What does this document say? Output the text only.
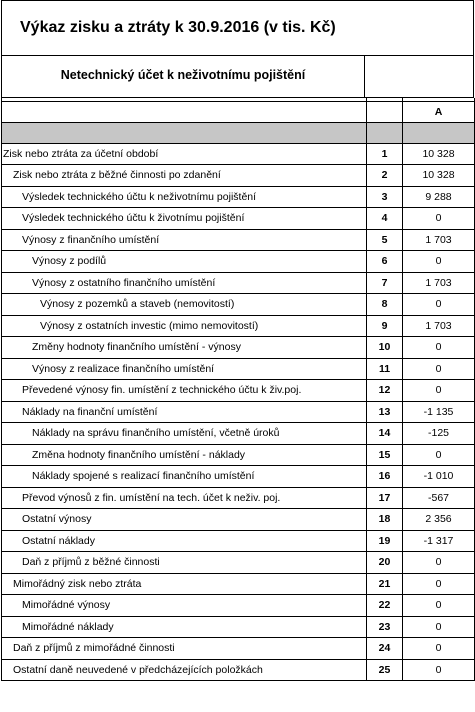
Výkaz zisku a ztráty k 30.9.2016 (v tis. Kč)
Netechnický účet k neživotnímu pojištění

		A

Zisk nebo ztráta za účetní období	1	10 328
Zisk nebo ztráta z běžné činnosti po zdanění	2	10 328
Výsledek technického účtu k neživotnímu pojištění	3	9 288
Výsledek technického účtu k životnímu pojištění	4	0
Výnosy z finančního umístění	5	1 703
Výnosy z podílů	6	0
Výnosy z ostatního finančního umístění	7	1 703
Výnosy z pozemků a staveb (nemovitostí)	8	0
Výnosy z ostatních investic (mimo nemovitostí)	9	1 703
Změny hodnoty finančního umístění - výnosy	10	0
Výnosy z realizace finančního umístění	11	0
Převedené výnosy fin. umístění z technického účtu k živ.poj.	12	0
Náklady na finanční umístění	13	-1 135
Náklady na správu finančního umístění, včetně úroků	14	-125
Změna hodnoty finančního umístění - náklady	15	0
Náklady spojené s realizací finančního umístění	16	-1 010
Převod výnosů z fin. umístění na tech. účet k neživ. poj.	17	-567
Ostatní výnosy	18	2 356
Ostatní náklady	19	-1 317
Daň z příjmů z běžné činnosti	20	0
Mimořádný zisk nebo ztráta	21	0
Mimořádné výnosy	22	0
Mimořádné náklady	23	0
Daň z příjmů z mimořádné činnosti	24	0
Ostatní daně neuvedené v předcházejících položkách	25	0
